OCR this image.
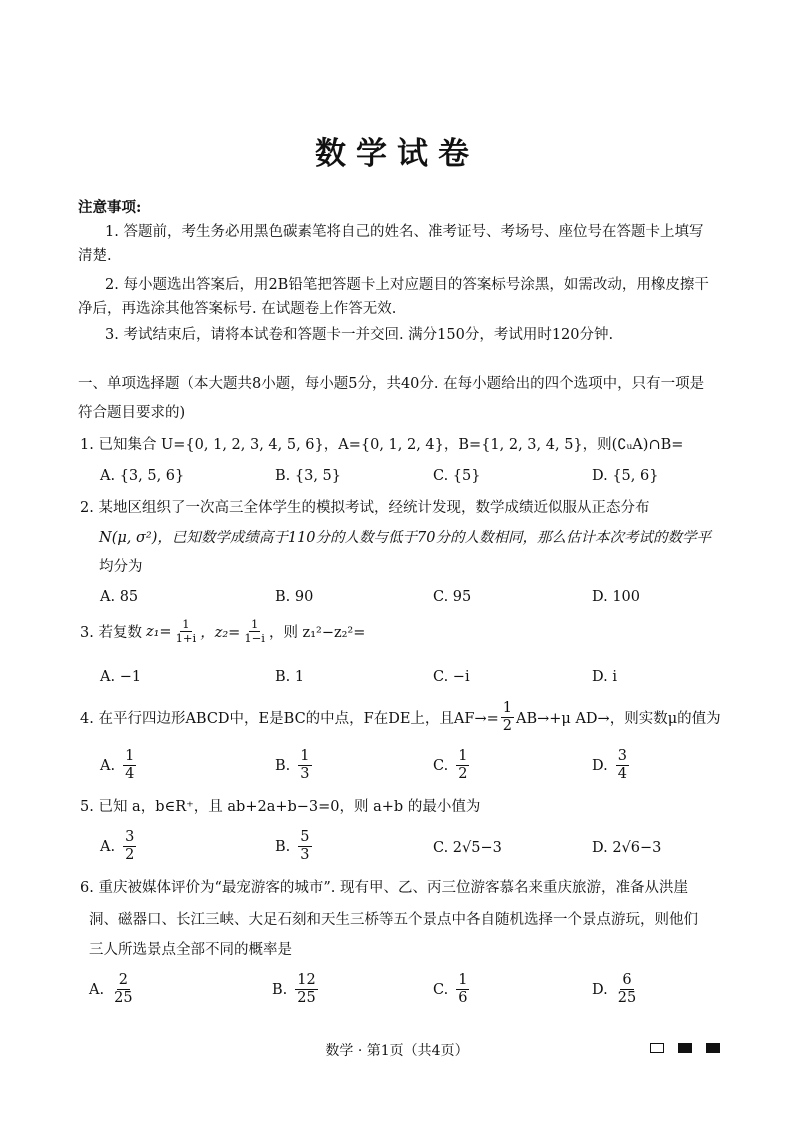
数学试卷
注意事项:
1. 答题前，考生务必用黑色碳素笔将自己的姓名、准考证号、考场号、座位号在答题卡上填写
清楚.
2. 每小题选出答案后，用2B铅笔把答题卡上对应题目的答案标号涂黑，如需改动，用橡皮擦干
净后，再选涂其他答案标号. 在试题卷上作答无效.
3. 考试结束后，请将本试卷和答题卡一并交回. 满分150分，考试用时120分钟.
一、单项选择题（本大题共8小题，每小题5分，共40分. 在每小题给出的四个选项中，只有一项是
符合题目要求的)
1. 已知集合 U={0, 1, 2, 3, 4, 5, 6}，A={0, 1, 2, 4}，B={1, 2, 3, 4, 5}，则(∁ᵤA)∩B=
A. {3, 5, 6}	B. {3, 5}	C. {5}	D. {5, 6}
2. 某地区组织了一次高三全体学生的模拟考试，经统计发现，数学成绩近似服从正态分布
N(μ, σ²)，已知数学成绩高于110分的人数与低于70分的人数相同，那么估计本次考试的数学平
均分为
A. 85	B. 90	C. 95	D. 100
3. 若复数 $z_1= \frac{1}{1+i}$ ，$z_2= \frac{1}{1-i}$ ，则 z₁²−z₂²=
A. −1	B. 1	C. −i	D. i
4. 在平行四边形ABCD中，E是BC的中点，F在DE上，且$AF\to= \frac{1}{2} AB\to+\mu$ AD→，则实数μ的值为
A. $\frac{1}{4}$	B. $\frac{1}{3}$	C. $\frac{1}{2}$	D. $\frac{3}{4}$
5. 已知 a，b∈R⁺，且 ab+2a+b−3=0，则 a+b 的最小值为
A. $\frac{3}{2}$	B. $\frac{5}{3}$	C. 2√5−3	D. 2√6−3
6. 重庆被媒体评价为“最宠游客的城市”. 现有甲、乙、丙三位游客慕名来重庆旅游，准备从洪崖
洞、磁器口、长江三峡、大足石刻和天生三桥等五个景点中各自随机选择一个景点游玩，则他们
三人所选景点全部不同的概率是
A. $\frac{2}{25}$	B. $\frac{12}{25}$	C. $\frac{1}{6}$	D. $\frac{6}{25}$
数学 · 第1页（共4页）
